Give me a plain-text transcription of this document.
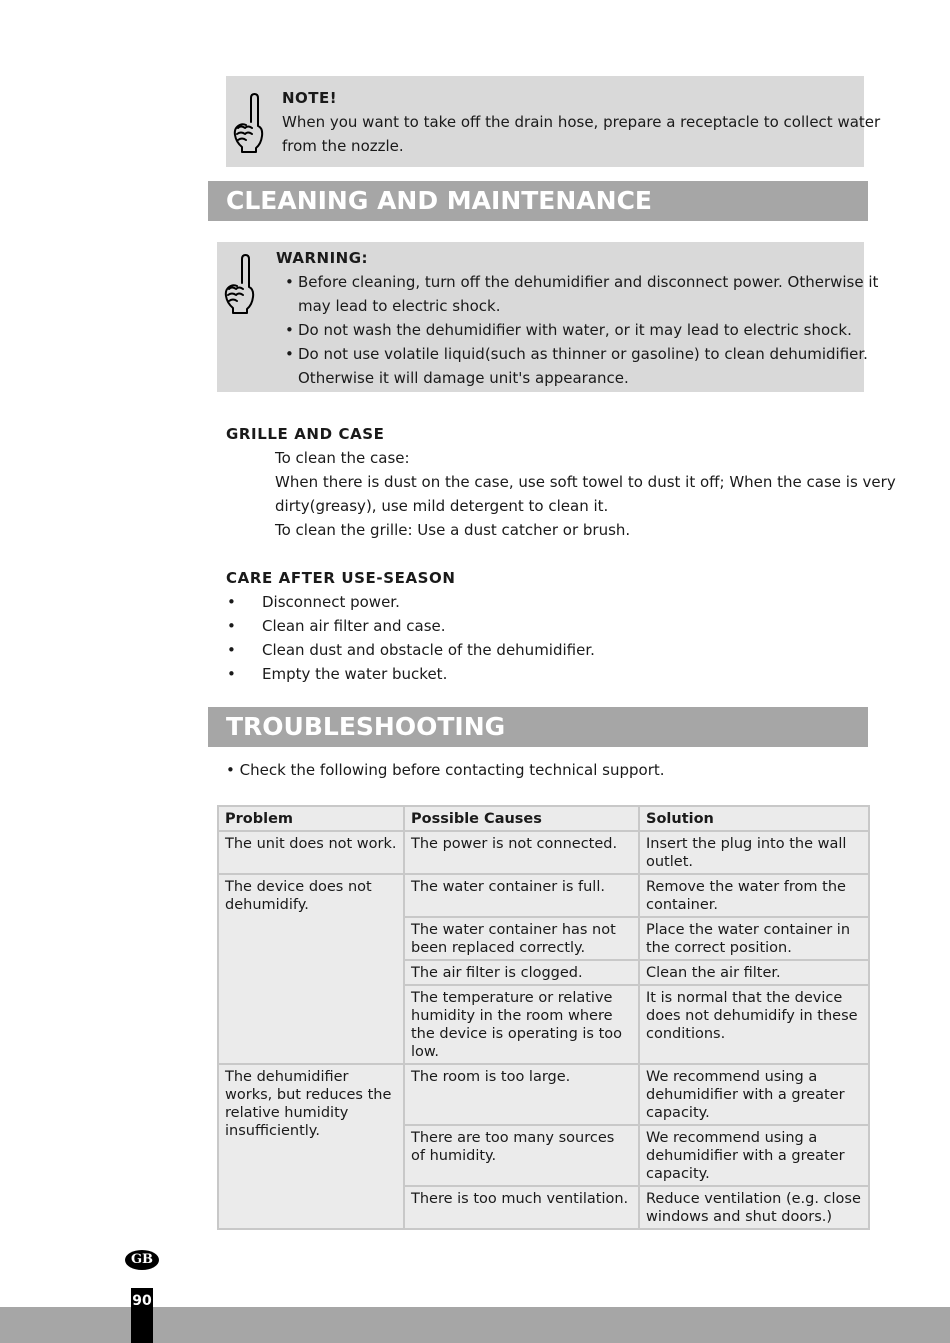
NOTE!
When you want to take off the drain hose, prepare a receptacle to collect water
from the nozzle.
CLEANING AND MAINTENANCE
WARNING:
• Before cleaning, turn off the dehumidifier and disconnect power. Otherwise it
may lead to electric shock.
• Do not wash the dehumidifier with water, or it may lead to electric shock.
• Do not use volatile liquid(such as thinner or gasoline) to clean dehumidifier.
Otherwise it will damage unit's appearance.
GRILLE AND CASE
To clean the case:
When there is dust on the case, use soft towel to dust it off; When the case is very
dirty(greasy), use mild detergent to clean it.
To clean the grille: Use a dust catcher or brush.
CARE AFTER USE-SEASON
• Disconnect power.
• Clean air filter and case.
• Clean dust and obstacle of the dehumidifier.
• Empty the water bucket.
TROUBLESHOOTING
• Check the following before contacting technical support.
Problem	Possible Causes	Solution
The unit does not work.	The power is not connected.	Insert the plug into the wall outlet.
The device does not dehumidify.	The water container is full.	Remove the water from the container.
	The water container has not been replaced correctly.	Place the water container in the correct position.
	The air filter is clogged.	Clean the air filter.
	The temperature or relative humidity in the room where the device is operating is too low.	It is normal that the device does not dehumidify in these conditions.
The dehumidifier works, but reduces the relative humidity insufficiently.	The room is too large.	We recommend using a dehumidifier with a greater capacity.
	There are too many sources of humidity.	We recommend using a dehumidifier with a greater capacity.
	There is too much ventilation.	Reduce ventilation (e.g. close windows and shut doors.)
GB
90
